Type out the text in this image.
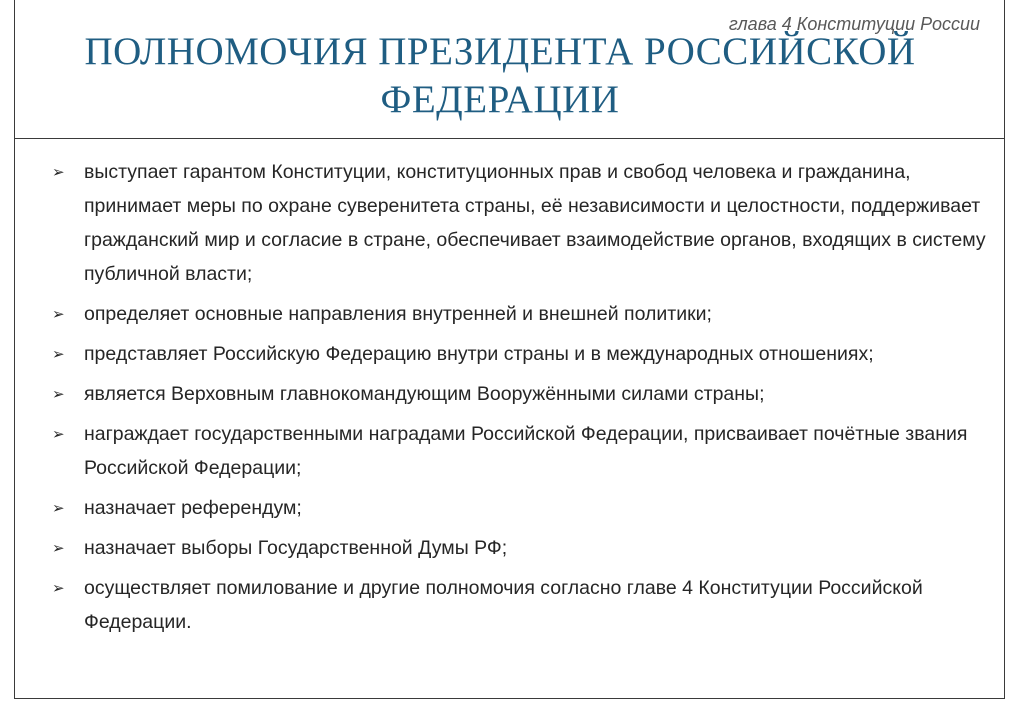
глава 4 Конституции России
ПОЛНОМОЧИЯ ПРЕЗИДЕНТА РОССИЙСКОЙ
ФЕДЕРАЦИИ
➢ выступает гарантом Конституции, конституционных прав и свобод человека и гражданина, принимает меры по охране суверенитета страны, её независимости и целостности, поддерживает гражданский мир и согласие в стране, обеспечивает взаимодействие органов, входящих в систему публичной власти;
➢ определяет основные направления внутренней и внешней политики;
➢ представляет Российскую Федерацию внутри страны и в международных отношениях;
➢ является Верховным главнокомандующим Вооружёнными силами страны;
➢ награждает государственными наградами Российской Федерации, присваивает почётные звания Российской Федерации;
➢ назначает референдум;
➢ назначает выборы Государственной Думы РФ;
➢ осуществляет помилование и другие полномочия согласно главе 4 Конституции Российской Федерации.
